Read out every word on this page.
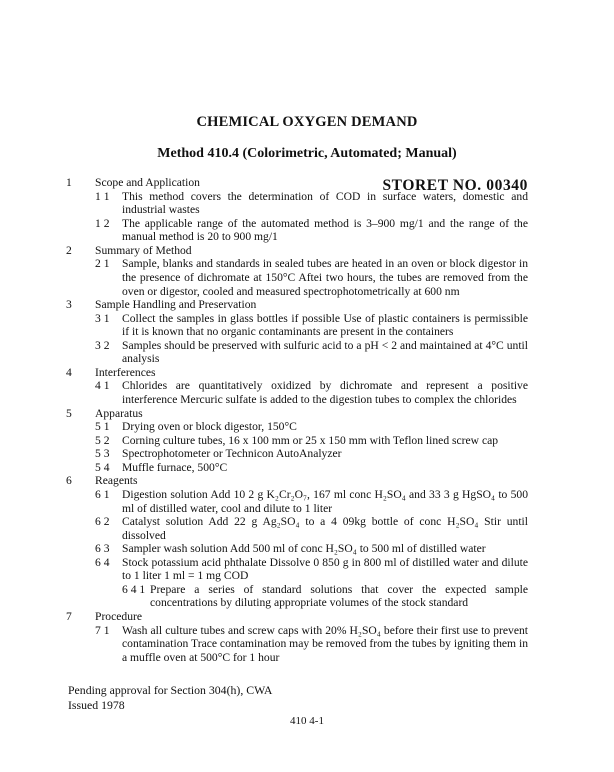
CHEMICAL OXYGEN DEMAND
Method 410.4 (Colorimetric, Automated; Manual)
STORET NO. 00340
1	Scope and Application
1 1	This method covers the determination of COD in surface waters, domestic and industrial wastes
1 2	The applicable range of the automated method is 3–900 mg/1 and the range of the manual method is 20 to 900 mg/1
2	Summary of Method
2 1	Sample, blanks and standards in sealed tubes are heated in an oven or block digestor in the presence of dichromate at 150°C Aftei two hours, the tubes are removed from the oven or digestor, cooled and measured spectrophotometrically at 600 nm
3	Sample Handling and Preservation
3 1	Collect the samples in glass bottles if possible Use of plastic containers is permissible if it is known that no organic contaminants are present in the containers
3 2	Samples should be preserved with sulfuric acid to a pH < 2 and maintained at 4°C until analysis
4	Interferences
4 1	Chlorides are quantitatively oxidized by dichromate and represent a positive interference Mercuric sulfate is added to the digestion tubes to complex the chlorides
5	Apparatus
5 1	Drying oven or block digestor, 150°C
5 2	Corning culture tubes, 16 x 100 mm or 25 x 150 mm with Teflon lined screw cap
5 3	Spectrophotometer or Technicon AutoAnalyzer
5 4	Muffle furnace, 500°C
6	Reagents
6 1	Digestion solution Add 10 2 g K₂Cr₂O₇, 167 ml conc H₂SO₄ and 33 3 g HgSO₄ to 500 ml of distilled water, cool and dilute to 1 liter
6 2	Catalyst solution Add 22 g Ag₂SO₄ to a 4 09kg bottle of conc H₂SO₄ Stir until dissolved
6 3	Sampler wash solution Add 500 ml of conc H₂SO₄ to 500 ml of distilled water
6 4	Stock potassium acid phthalate Dissolve 0 850 g in 800 ml of distilled water and dilute to 1 liter 1 ml = 1 mg COD
6 4 1 Prepare a series of standard solutions that cover the expected sample concentrations by diluting appropriate volumes of the stock standard
7	Procedure
7 1	Wash all culture tubes and screw caps with 20% H₂SO₄ before their first use to prevent contamination Trace contamination may be removed from the tubes by igniting them in a muffle oven at 500°C for 1 hour
Pending approval for Section 304(h), CWA
Issued 1978
410 4-1
